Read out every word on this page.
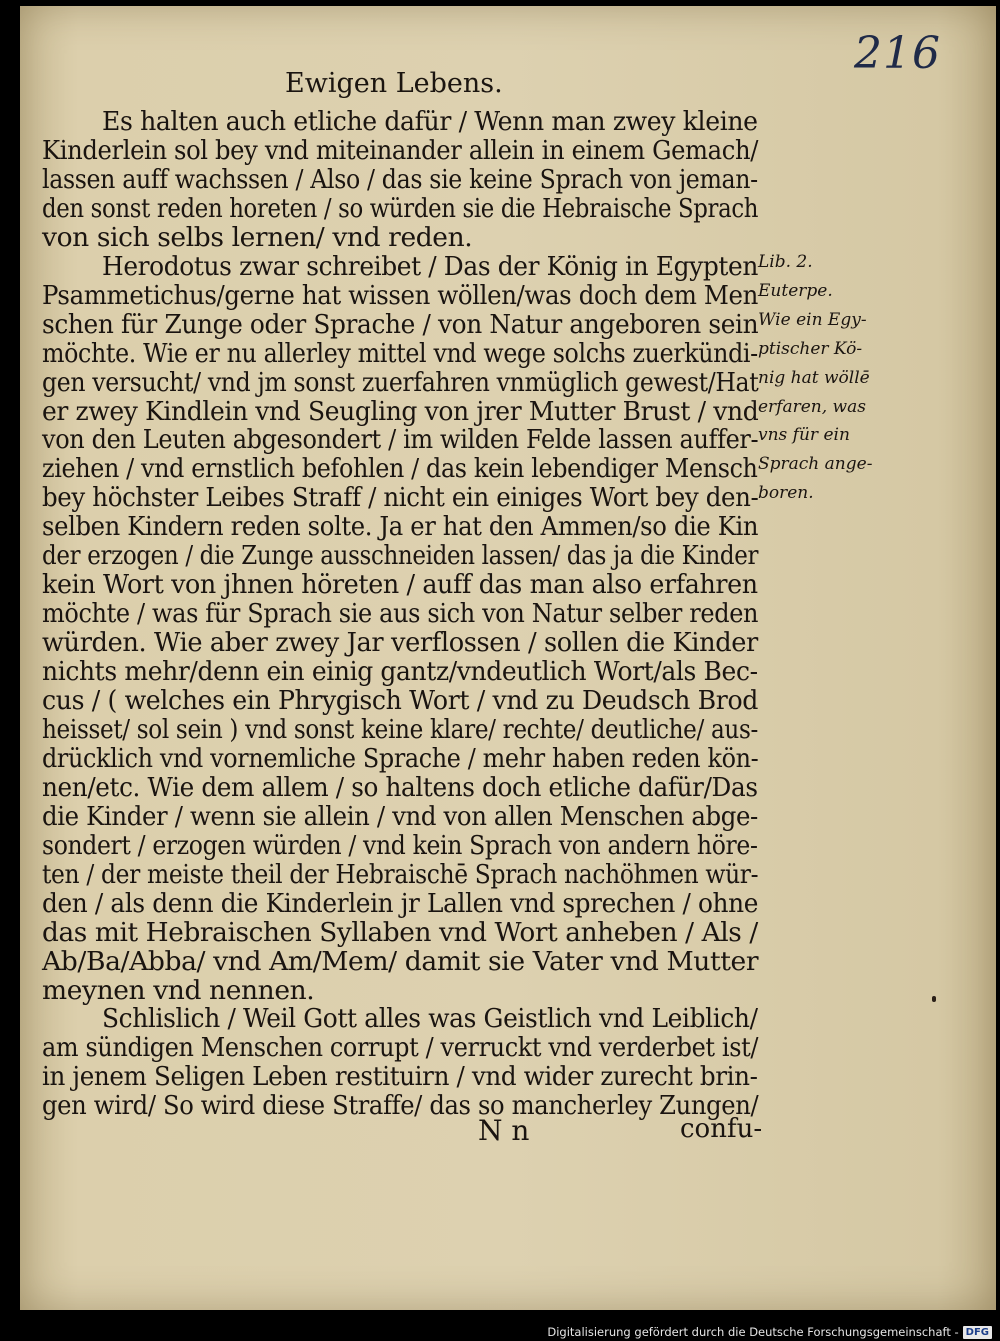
216
Ewigen Lebens.
Es halten auch etliche dafür / Wenn man zwey kleine
Kinderlein sol bey vnd miteinander allein in einem Gemach/
lassen auff wachssen / Also / das sie keine Sprach von jeman-
den sonst reden horeten / so würden sie die Hebraische Sprach
von sich selbs lernen/ vnd reden.
Herodotus zwar schreibet / Das der König in Egypten
Psammetichus/gerne hat wissen wöllen/was doch dem Men
schen für Zunge oder Sprache / von Natur angeboren sein
möchte. Wie er nu allerley mittel vnd wege solchs zuerkündi-
gen versucht/ vnd jm sonst zuerfahren vnmüglich gewest/Hat
er zwey Kindlein vnd Seugling von jrer Mutter Brust / vnd
von den Leuten abgesondert / im wilden Felde lassen auffer-
ziehen / vnd ernstlich befohlen / das kein lebendiger Mensch
bey höchster Leibes Straff / nicht ein einiges Wort bey den-
selben Kindern reden solte. Ja er hat den Ammen/so die Kin
der erzogen / die Zunge ausschneiden lassen/ das ja die Kinder
kein Wort von jhnen höreten / auff das man also erfahren
möchte / was für Sprach sie aus sich von Natur selber reden
würden. Wie aber zwey Jar verflossen / sollen die Kinder
nichts mehr/denn ein einig gantz/vndeutlich Wort/als Bec-
cus / ( welches ein Phrygisch Wort / vnd zu Deudsch Brod
heisset/ sol sein ) vnd sonst keine klare/ rechte/ deutliche/ aus-
drücklich vnd vornemliche Sprache / mehr haben reden kön-
nen/etc. Wie dem allem / so haltens doch etliche dafür/Das
die Kinder / wenn sie allein / vnd von allen Menschen abge-
sondert / erzogen würden / vnd kein Sprach von andern höre-
ten / der meiste theil der Hebraischē Sprach nachöhmen wür-
den / als denn die Kinderlein jr Lallen vnd sprechen / ohne
das mit Hebraischen Syllaben vnd Wort anheben / Als /
Ab/Ba/Abba/ vnd Am/Mem/ damit sie Vater vnd Mutter
meynen vnd nennen.
Schlislich / Weil Gott alles was Geistlich vnd Leiblich/
am sündigen Menschen corrupt / verruckt vnd verderbet ist/
in jenem Seligen Leben restituirn / vnd wider zurecht brin-
gen wird/ So wird diese Straffe/ das so mancherley Zungen/
Lib. 2.
Euterpe.
Wie ein Egy-
ptischer Kö-
nig hat wöllē
erfaren, was
vns für ein
Sprach ange-
boren.
N n	confu-
Digitalisierung gefördert durch die Deutsche Forschungsgemeinschaft - DFG
